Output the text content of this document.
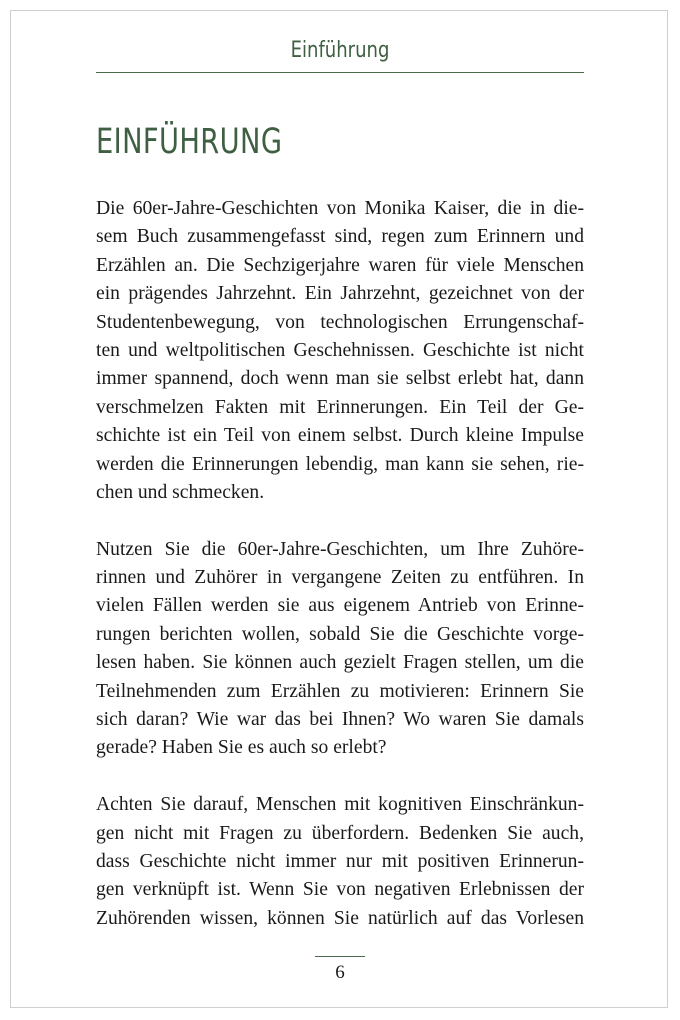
Einführung
EINFÜHRUNG

Die 60er-Jahre-Geschichten von Monika Kaiser, die in die-
sem Buch zusammengefasst sind, regen zum Erinnern und
Erzählen an. Die Sechzigerjahre waren für viele Menschen
ein prägendes Jahrzehnt. Ein Jahrzehnt, gezeichnet von der
Studentenbewegung, von technologischen Errungenschaf-
ten und weltpolitischen Geschehnissen. Geschichte ist nicht
immer spannend, doch wenn man sie selbst erlebt hat, dann
verschmelzen Fakten mit Erinnerungen. Ein Teil der Ge-
schichte ist ein Teil von einem selbst. Durch kleine Impulse
werden die Erinnerungen lebendig, man kann sie sehen, rie-
chen und schmecken.

Nutzen Sie die 60er-Jahre-Geschichten, um Ihre Zuhöre-
rinnen und Zuhörer in vergangene Zeiten zu entführen. In
vielen Fällen werden sie aus eigenem Antrieb von Erinne-
rungen berichten wollen, sobald Sie die Geschichte vorge-
lesen haben. Sie können auch gezielt Fragen stellen, um die
Teilnehmenden zum Erzählen zu motivieren: Erinnern Sie
sich daran? Wie war das bei Ihnen? Wo waren Sie damals
gerade? Haben Sie es auch so erlebt?

Achten Sie darauf, Menschen mit kognitiven Einschränkun-
gen nicht mit Fragen zu überfordern. Bedenken Sie auch,
dass Geschichte nicht immer nur mit positiven Erinnerun-
gen verknüpft ist. Wenn Sie von negativen Erlebnissen der
Zuhörenden wissen, können Sie natürlich auf das Vorlesen

6
